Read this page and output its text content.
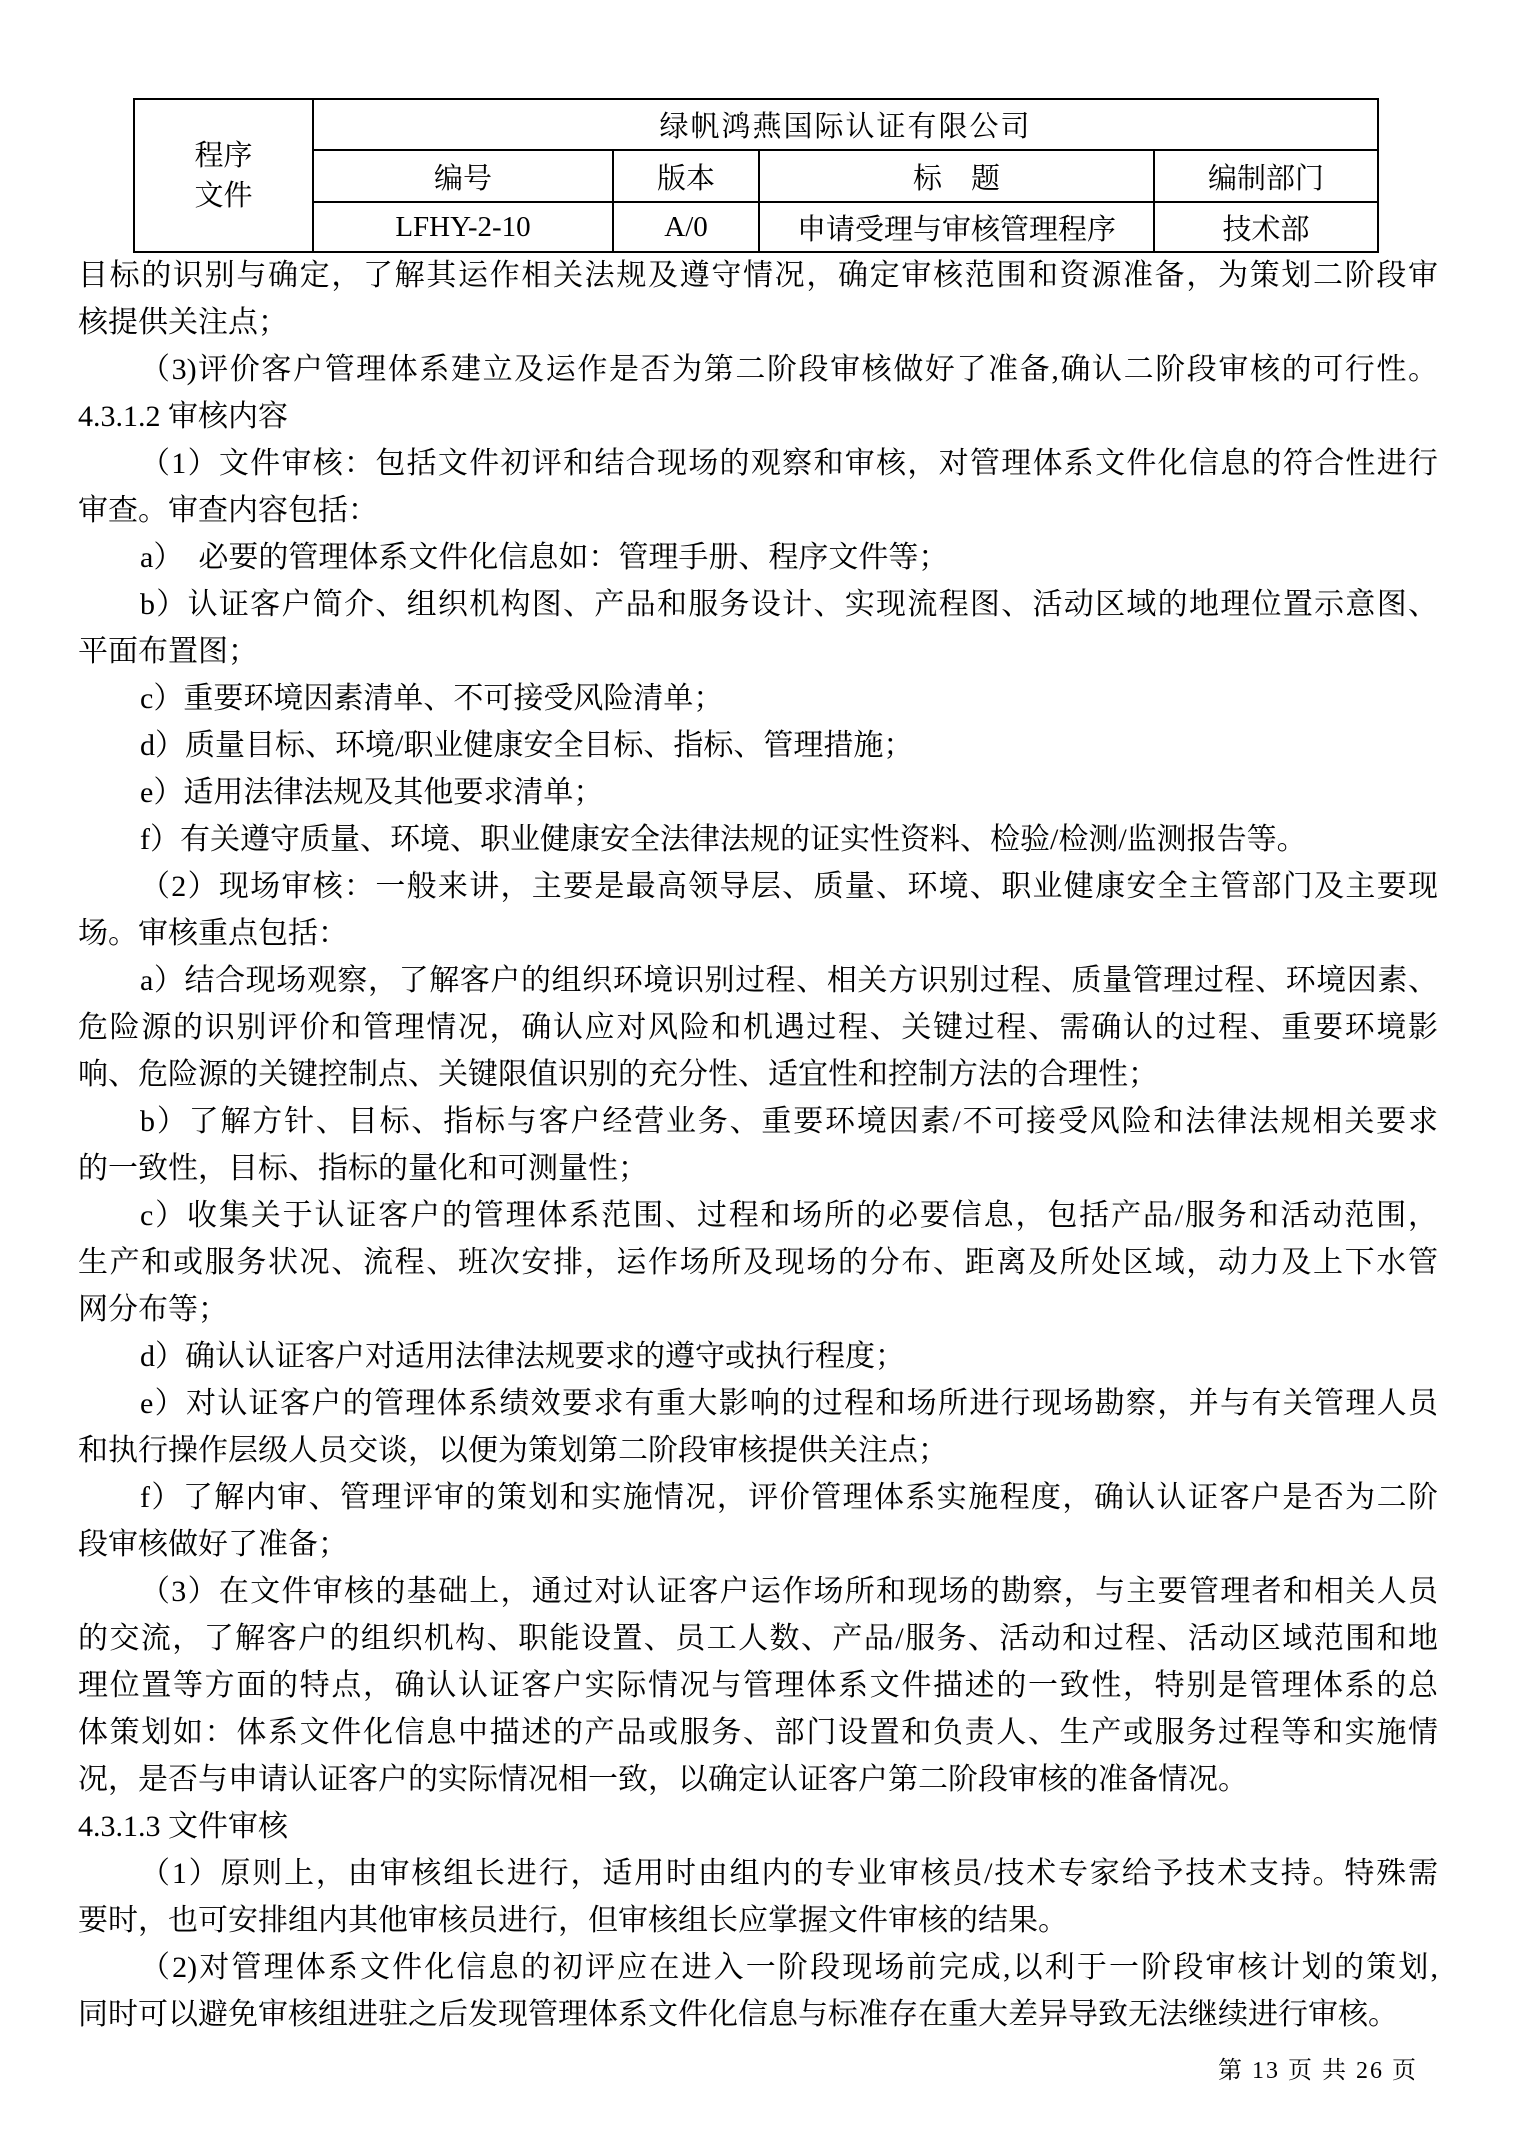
程序
文件	绿帆鸿燕国际认证有限公司			
	编号	版本	标　题	编制部门
	LFHY-2-10	A/0	申请受理与审核管理程序	技术部
目标的识别与确定，了解其运作相关法规及遵守情况，确定审核范围和资源准备，为策划二阶段审
核提供关注点；
（3)评价客户管理体系建立及运作是否为第二阶段审核做好了准备,确认二阶段审核的可行性。
4.3.1.2 审核内容
（1）文件审核：包括文件初评和结合现场的观察和审核，对管理体系文件化信息的符合性进行
审查。审查内容包括：
a）　必要的管理体系文件化信息如：管理手册、程序文件等；
b）认证客户简介、组织机构图、产品和服务设计、实现流程图、活动区域的地理位置示意图、
平面布置图；
c）重要环境因素清单、不可接受风险清单；
d）质量目标、环境/职业健康安全目标、指标、管理措施；
e）适用法律法规及其他要求清单；
f）有关遵守质量、环境、职业健康安全法律法规的证实性资料、检验/检测/监测报告等。
（2）现场审核：一般来讲，主要是最高领导层、质量、环境、职业健康安全主管部门及主要现
场。审核重点包括：
a）结合现场观察，了解客户的组织环境识别过程、相关方识别过程、质量管理过程、环境因素、
危险源的识别评价和管理情况，确认应对风险和机遇过程、关键过程、需确认的过程、重要环境影
响、危险源的关键控制点、关键限值识别的充分性、适宜性和控制方法的合理性；
b）了解方针、目标、指标与客户经营业务、重要环境因素/不可接受风险和法律法规相关要求
的一致性，目标、指标的量化和可测量性；
c）收集关于认证客户的管理体系范围、过程和场所的必要信息，包括产品/服务和活动范围，
生产和或服务状况、流程、班次安排，运作场所及现场的分布、距离及所处区域，动力及上下水管
网分布等；
d）确认认证客户对适用法律法规要求的遵守或执行程度；
e）对认证客户的管理体系绩效要求有重大影响的过程和场所进行现场勘察，并与有关管理人员
和执行操作层级人员交谈，以便为策划第二阶段审核提供关注点；
f）了解内审、管理评审的策划和实施情况，评价管理体系实施程度，确认认证客户是否为二阶
段审核做好了准备；
（3）在文件审核的基础上，通过对认证客户运作场所和现场的勘察，与主要管理者和相关人员
的交流，了解客户的组织机构、职能设置、员工人数、产品/服务、活动和过程、活动区域范围和地
理位置等方面的特点，确认认证客户实际情况与管理体系文件描述的一致性，特别是管理体系的总
体策划如：体系文件化信息中描述的产品或服务、部门设置和负责人、生产或服务过程等和实施情
况，是否与申请认证客户的实际情况相一致，以确定认证客户第二阶段审核的准备情况。
4.3.1.3 文件审核
（1）原则上，由审核组长进行，适用时由组内的专业审核员/技术专家给予技术支持。特殊需
要时，也可安排组内其他审核员进行，但审核组长应掌握文件审核的结果。
（2)对管理体系文件化信息的初评应在进入一阶段现场前完成,以利于一阶段审核计划的策划,
同时可以避免审核组进驻之后发现管理体系文件化信息与标准存在重大差异导致无法继续进行审核。
第 13 页 共 26 页
